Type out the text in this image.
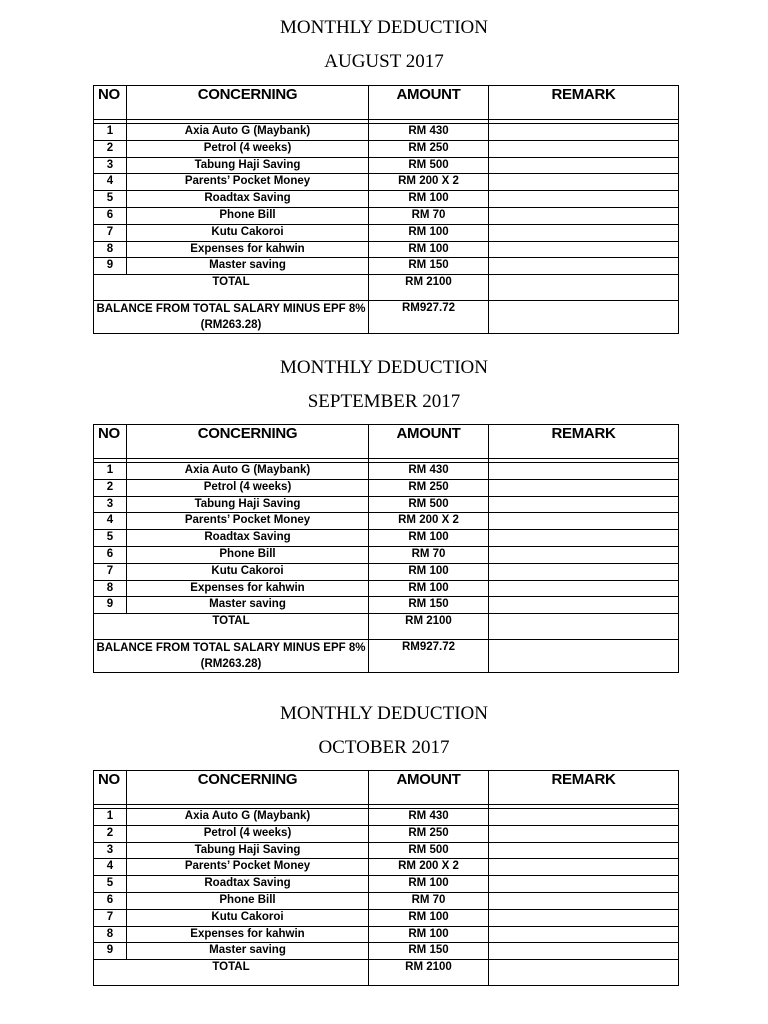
MONTHLY DEDUCTION
AUGUST 2017
NO	CONCERNING	AMOUNT	REMARK

1	Axia Auto G (Maybank)	RM 430	
2	Petrol (4 weeks)	RM 250	
3	Tabung Haji Saving	RM 500	
4	Parents’ Pocket Money	RM 200 X 2	
5	Roadtax Saving	RM 100	
6	Phone Bill	RM 70	
7	Kutu Cakoroi	RM 100	
8	Expenses for kahwin	RM 100	
9	Master saving	RM 150	
TOTAL		RM 2100	
BALANCE FROM TOTAL SALARY MINUS EPF 8% (RM263.28)		RM927.72	
MONTHLY DEDUCTION
SEPTEMBER 2017
NO	CONCERNING	AMOUNT	REMARK

1	Axia Auto G (Maybank)	RM 430	
2	Petrol (4 weeks)	RM 250	
3	Tabung Haji Saving	RM 500	
4	Parents’ Pocket Money	RM 200 X 2	
5	Roadtax Saving	RM 100	
6	Phone Bill	RM 70	
7	Kutu Cakoroi	RM 100	
8	Expenses for kahwin	RM 100	
9	Master saving	RM 150	
TOTAL		RM 2100	
BALANCE FROM TOTAL SALARY MINUS EPF 8% (RM263.28)		RM927.72	
MONTHLY DEDUCTION
OCTOBER 2017
NO	CONCERNING	AMOUNT	REMARK

1	Axia Auto G (Maybank)	RM 430	
2	Petrol (4 weeks)	RM 250	
3	Tabung Haji Saving	RM 500	
4	Parents’ Pocket Money	RM 200 X 2	
5	Roadtax Saving	RM 100	
6	Phone Bill	RM 70	
7	Kutu Cakoroi	RM 100	
8	Expenses for kahwin	RM 100	
9	Master saving	RM 150	
TOTAL		RM 2100	
